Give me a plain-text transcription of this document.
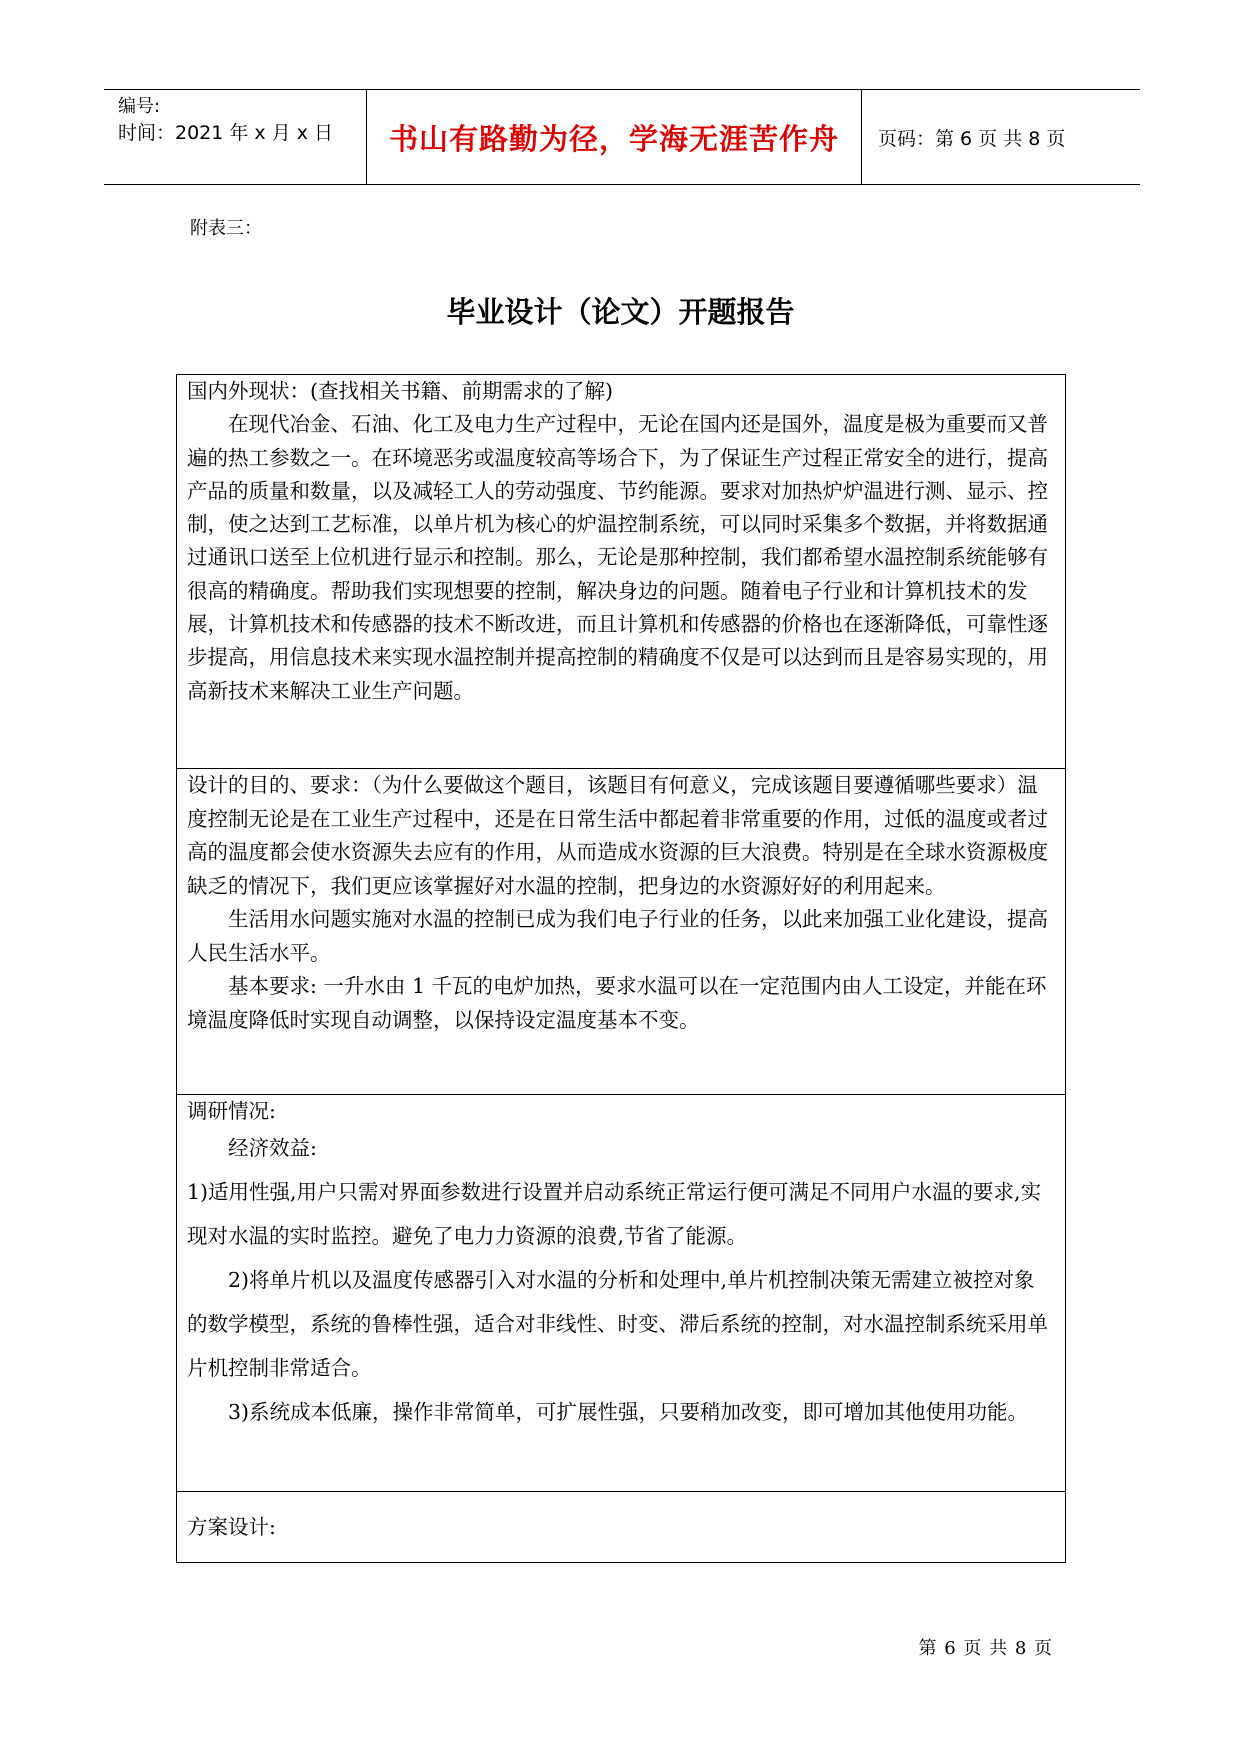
编号:
时间：2021 年 x 月 x 日 书山有路勤为径，学海无涯苦作舟 页码：第 6 页 共 8 页
附表三：
毕业设计（论文）开题报告

国内外现状：(查找相关书籍、前期需求的了解)

在现代冶金、石油、化工及电力生产过程中，无论在国内还是国外，温度是极为重要而又普遍的热工参数之一。在环境恶劣或温度较高等场合下，为了保证生产过程正常安全的进行，提高产品的质量和数量，以及减轻工人的劳动强度、节约能源。要求对加热炉炉温进行测、显示、控制，使之达到工艺标准，以单片机为核心的炉温控制系统，可以同时采集多个数据，并将数据通过通讯口送至上位机进行显示和控制。那么，无论是那种控制，我们都希望水温控制系统能够有很高的精确度。帮助我们实现想要的控制，解决身边的问题。随着电子行业和计算机技术的发展，计算机技术和传感器的技术不断改进，而且计算机和传感器的价格也在逐渐降低，可靠性逐步提高，用信息技术来实现水温控制并提高控制的精确度不仅是可以达到而且是容易实现的，用高新技术来解决工业生产问题。

设计的目的、要求：（为什么要做这个题目，该题目有何意义，完成该题目要遵循哪些要求）温度控制无论是在工业生产过程中，还是在日常生活中都起着非常重要的作用，过低的温度或者过高的温度都会使水资源失去应有的作用，从而造成水资源的巨大浪费。特别是在全球水资源极度缺乏的情况下，我们更应该掌握好对水温的控制，把身边的水资源好好的利用起来。

生活用水问题实施对水温的控制已成为我们电子行业的任务，以此来加强工业化建设，提高人民生活水平。

基本要求: 一升水由 1 千瓦的电炉加热，要求水温可以在一定范围内由人工设定，并能在环境温度降低时实现自动调整，以保持设定温度基本不变。

调研情况:

经济效益:

1)适用性强,用户只需对界面参数进行设置并启动系统正常运行便可满足不同用户水温的要求,实现对水温的实时监控。避免了电力力资源的浪费,节省了能源。

2)将单片机以及温度传感器引入对水温的分析和处理中,单片机控制决策无需建立被控对象的数学模型，系统的鲁棒性强，适合对非线性、时变、滞后系统的控制，对水温控制系统采用单片机控制非常适合。

3)系统成本低廉，操作非常简单，可扩展性强，只要稍加改变，即可增加其他使用功能。

方案设计:

第 6 页 共 8 页
